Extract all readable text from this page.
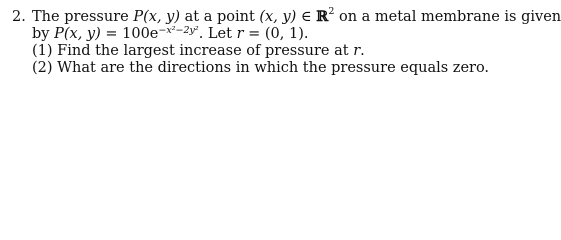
2. The pressure P(x, y) at a point (x, y) ∈ ℝ$^2$ on a metal membrane is given
by P(x, $y) = 100e^{-x^2-2y^2}$. Let r = (0, 1).
(1) Find the largest increase of pressure at r.
(2) What are the directions in which the pressure equals zero.
